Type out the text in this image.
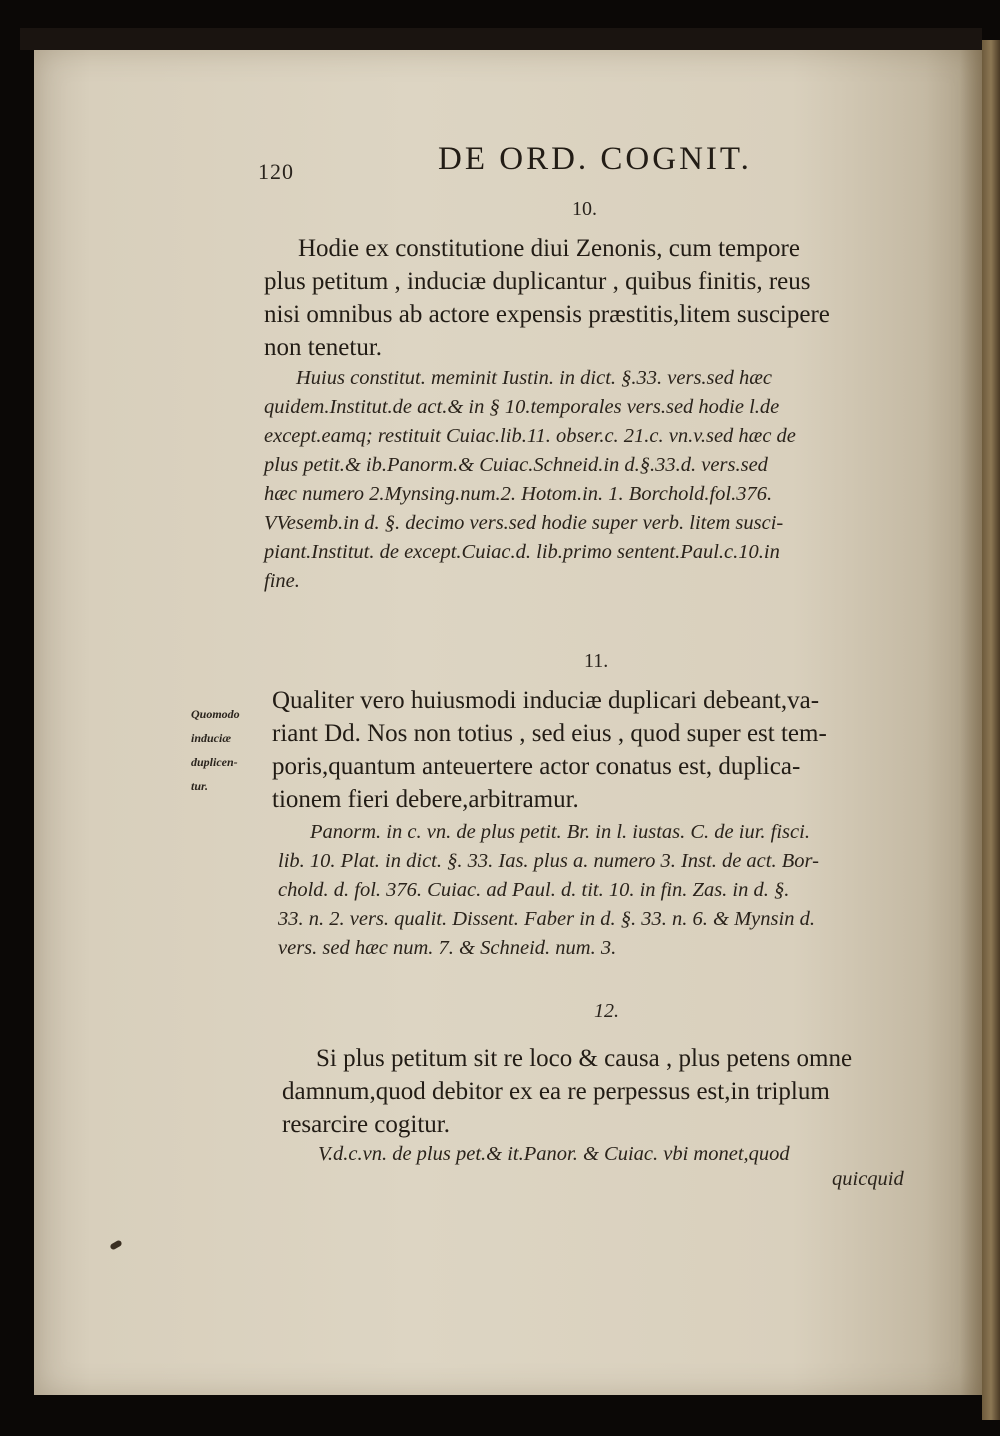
120	DE ORD. COGNIT.
10.
Hodie ex constitutione diui Zenonis, cum tempore
plus petitum , induciæ duplicantur , quibus finitis, reus
nisi omnibus ab actore expensis præstitis,litem suscipere
non tenetur.
Huius constitut. meminit Iustin. in dict. §.33. vers.sed hæc
quidem.Institut.de act.& in § 10.temporales vers.sed hodie l.de
except.eamq; restituit Cuiac.lib.11. obser.c. 21.c. vn.v.sed hæc de
plus petit.& ib.Panorm.& Cuiac.Schneid.in d.§.33.d. vers.sed
hæc numero 2.Mynsing.num.2. Hotom.in. 1. Borchold.fol.376.
VVesemb.in d. §. decimo vers.sed hodie super verb. litem susci-
piant.Institut. de except.Cuiac.d. lib.primo sentent.Paul.c.10.in
fine.
11.
Quomodo
induciæ
duplicen-
tur.
Qualiter vero huiusmodi induciæ duplicari debeant,va-
riant Dd. Nos non totius , sed eius , quod super est tem-
poris,quantum anteuertere actor conatus est, duplica-
tionem fieri debere,arbitramur.
Panorm. in c. vn. de plus petit. Br. in l. iustas. C. de iur. fisci.
lib. 10. Plat. in dict. §. 33. Ias. plus a. numero 3. Inst. de act. Bor-
chold. d. fol. 376. Cuiac. ad Paul. d. tit. 10. in fin. Zas. in d. §.
33. n. 2. vers. qualit. Dissent. Faber in d. §. 33. n. 6. & Mynsin d.
vers. sed hæc num. 7. & Schneid. num. 3.
12.
Si plus petitum sit re loco & causa , plus petens omne
damnum,quod debitor ex ea re perpessus est,in triplum
resarcire cogitur.
V.d.c.vn. de plus pet.& it.Panor. & Cuiac. vbi monet,quod
quicquid
